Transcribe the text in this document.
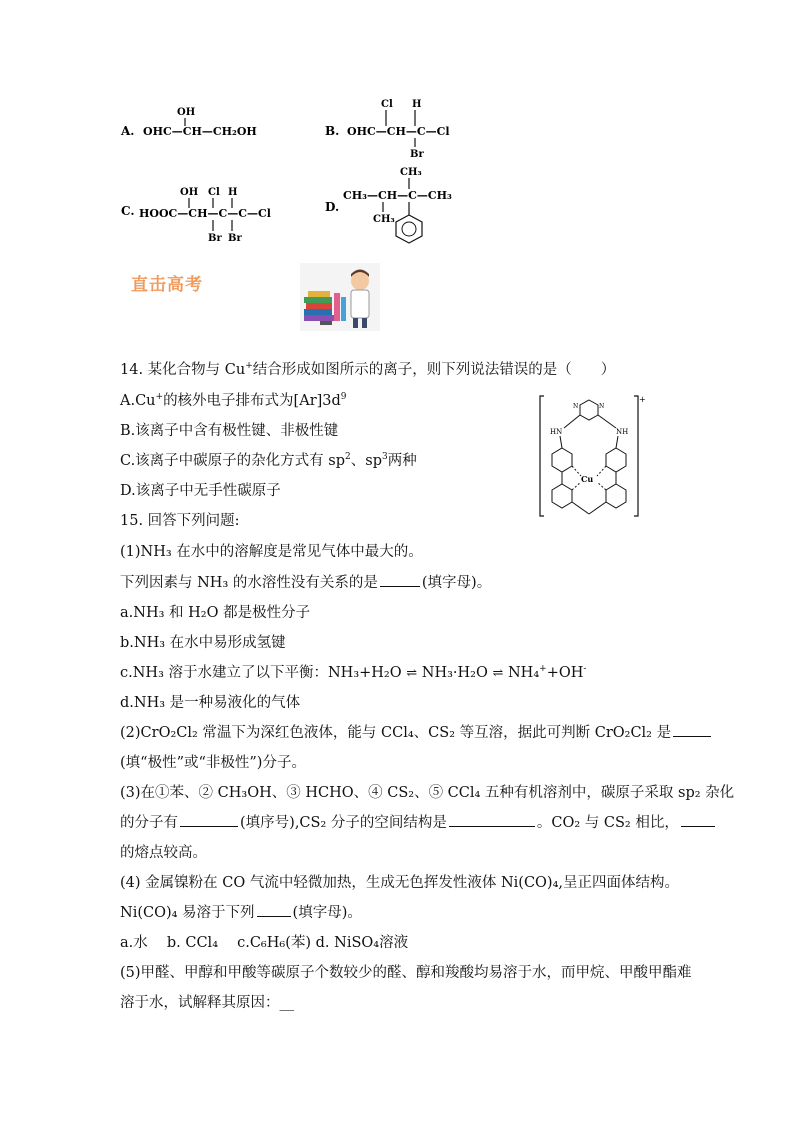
A. OHC—CH—CH₂OH
OH
B. OHC—CH—C—Cl
Cl H
Br
C. HOOC—CH—C—C—Cl
OH Cl H
Br Br
D.
CH₃—CH—C—CH₃
CH₃
CH₃
直击高考
14. 某化合物与 Cu+结合形成如图所示的离子，则下列说法错误的是（　　）
A.Cu+的核外电子排布式为$[Ar]3d^9$
B.该离子中含有极性键、非极性键
C.该离子中碳原子的杂化方式有 $sp^2$、$sp^3$两种
D.该离子中无手性碳原子
+
N	N
HN	NH
Cu
15. 回答下列问题:
(1)NH₃ 在水中的溶解度是常见气体中最大的。
下列因素与 NH₃ 的水溶性没有关系的是	(填字母)。
a.NH₃ 和 H₂O 都是极性分子
b.NH₃ 在水中易形成氢键
c.NH₃ 溶于水建立了以下平衡：NH₃+H₂O ⇌ NH₃·H₂O ⇌ NH₄++OH-
d.NH₃ 是一种易液化的气体
(2)CrO₂Cl₂ 常温下为深红色液体，能与 CCl₄、CS₂ 等互溶，据此可判断 CrO₂Cl₂ 是
(填“极性”或“非极性”)分子。
(3)在①苯、② CH₃OH、③ HCHO、④ CS₂、⑤ CCl₄ 五种有机溶剂中，碳原子采取 sp₂ 杂化
的分子有	(填序号),CS₂ 分子的空间结构是	。CO₂ 与 CS₂ 相比，
的熔点较高。
(4) 金属镍粉在 CO 气流中轻微加热，生成无色挥发性液体 Ni(CO)₄,呈正四面体结构。
Ni(CO)₄ 易溶于下列	(填字母)。
a.水　 b. CCl₄　 c.C₆H₆(苯) d. NiSO₄溶液
(5)甲醛、甲醇和甲酸等碳原子个数较少的醛、醇和羧酸均易溶于水，而甲烷、甲酸甲酯难
溶于水，试解释其原因：__
